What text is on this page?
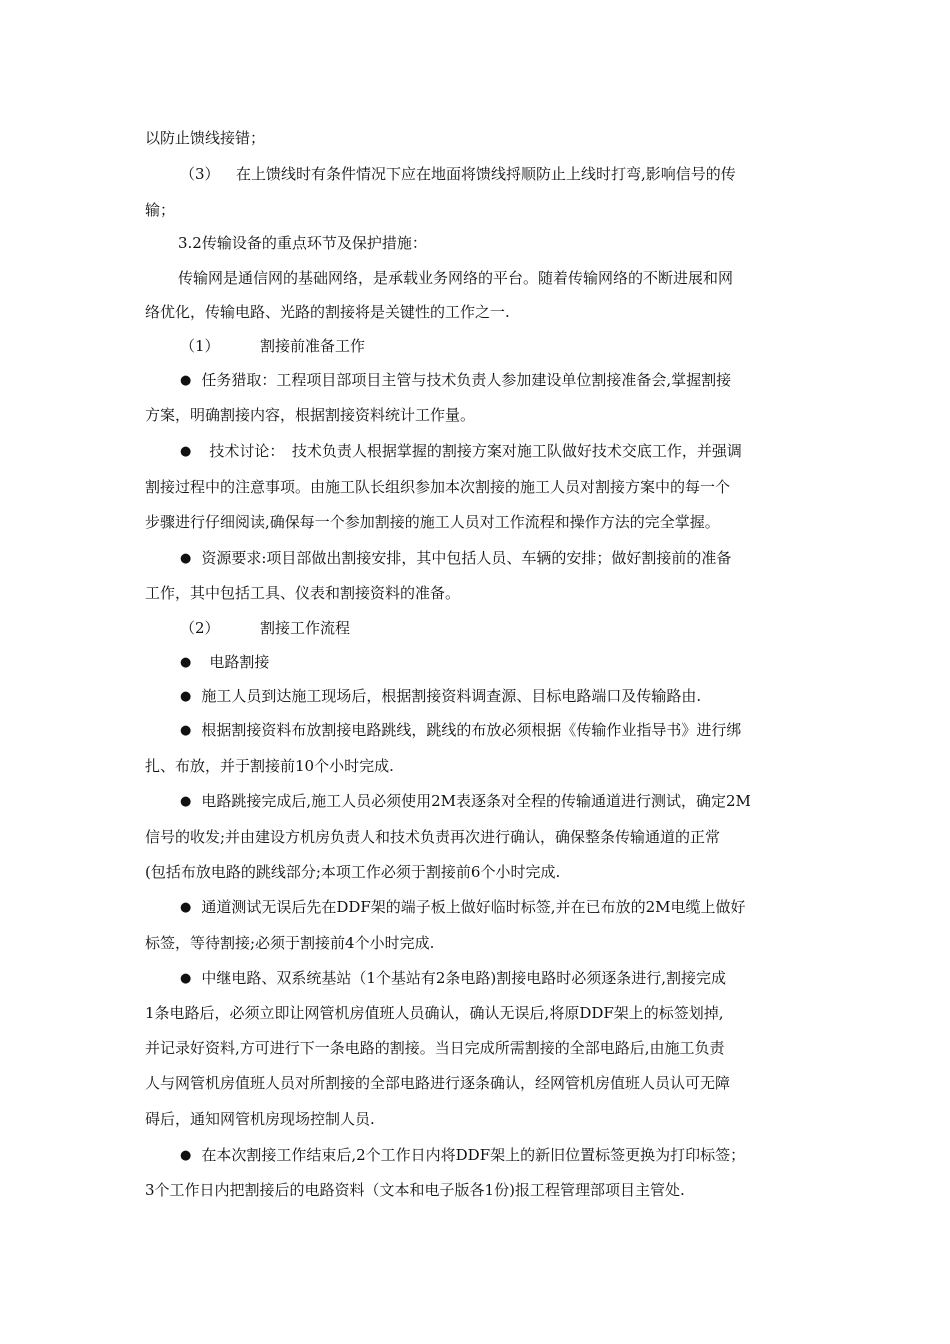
以防止馈线接错；
（3） 在上馈线时有条件情况下应在地面将馈线捋顺防止上线时打弯,影响信号的传
输；
3.2传输设备的重点环节及保护措施：
传输网是通信网的基础网络，是承载业务网络的平台。随着传输网络的不断进展和网
络优化，传输电路、光路的割接将是关键性的工作之一.
（1）	割接前准备工作
● 任务猎取：工程项目部项目主管与技术负责人参加建设单位割接准备会,掌握割接
方案，明确割接内容，根据割接资料统计工作量。
● 技术讨论：　技术负责人根据掌握的割接方案对施工队做好技术交底工作，并强调
割接过程中的注意事项。由施工队长组织参加本次割接的施工人员对割接方案中的每一个
步骤进行仔细阅读,确保每一个参加割接的施工人员对工作流程和操作方法的完全掌握。
● 资源要求:项目部做出割接安排，其中包括人员、车辆的安排；做好割接前的准备
工作，其中包括工具、仪表和割接资料的准备。
（2）	割接工作流程
● 电路割接
● 施工人员到达施工现场后，根据割接资料调查源、目标电路端口及传输路由.
● 根据割接资料布放割接电路跳线，跳线的布放必须根据《传输作业指导书》进行绑
扎、布放，并于割接前10个小时完成.
● 电路跳接完成后,施工人员必须使用2M表逐条对全程的传输通道进行测试，确定2M
信号的收发;并由建设方机房负责人和技术负责再次进行确认，确保整条传输通道的正常
(包括布放电路的跳线部分;本项工作必须于割接前6个小时完成.
● 通道测试无误后先在DDF架的端子板上做好临时标签,并在已布放的2M电缆上做好
标签，等待割接;必须于割接前4个小时完成.
● 中继电路、双系统基站（1个基站有2条电路)割接电路时必须逐条进行,割接完成
1条电路后，必须立即让网管机房值班人员确认，确认无误后,将原DDF架上的标签划掉,
并记录好资料,方可进行下一条电路的割接。当日完成所需割接的全部电路后,由施工负责
人与网管机房值班人员对所割接的全部电路进行逐条确认，经网管机房值班人员认可无障
碍后，通知网管机房现场控制人员.
● 在本次割接工作结束后,2个工作日内将DDF架上的新旧位置标签更换为打印标签；
3个工作日内把割接后的电路资料（文本和电子版各1份)报工程管理部项目主管处.
